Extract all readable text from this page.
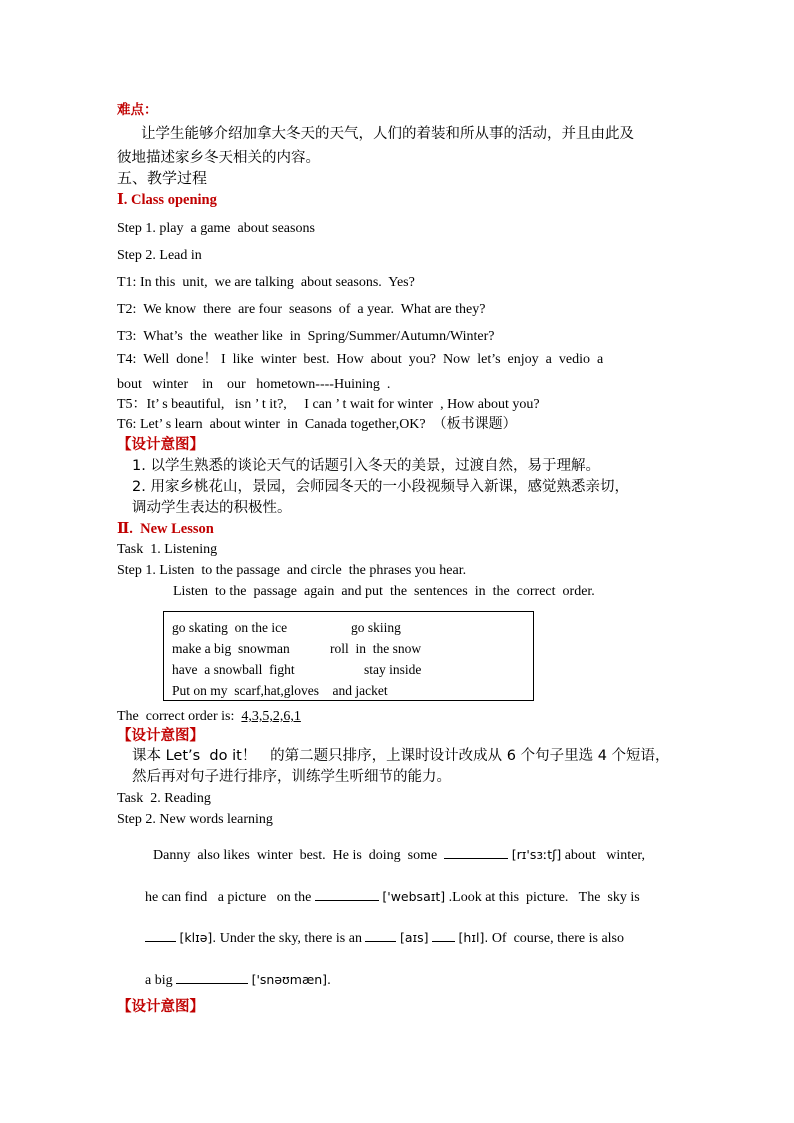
难点：
让学生能够介绍加拿大冬天的天气，人们的着装和所从事的活动，并且由此及
彼地描述家乡冬天相关的内容。
五、教学过程
Ⅰ. Class opening
Step 1. play  a game  about seasons
Step 2. Lead in
T1: In this  unit,  we are talking  about seasons.  Yes?
T2:  We know  there  are four  seasons  of  a year.  What are they?
T3:  What’s  the  weather like  in  Spring/Summer/Autumn/Winter?
T4:  Well  done！ I  like  winter  best.  How  about  you?  Now  let’s  enjoy  a  vedio  a
bout   winter    in    our   hometown----Huining  .
T5：It’ s beautiful,   isn ’ t it?,     I can ’ t wait for winter  , How about you?
T6: Let’ s learn  about winter  in  Canada together,OK?  （板书课题）
【设计意图】
1. 以学生熟悉的谈论天气的话题引入冬天的美景，过渡自然，易于理解。
2. 用家乡桃花山，景园，会师园冬天的一小段视频导入新课，感觉熟悉亲切，
调动学生表达的积极性。
Ⅱ.  New Lesson
Task  1. Listening
Step 1. Listen  to the passage  and circle  the phrases you hear.
Listen  to the  passage  again  and put  the  sentences  in  the  correct  order.
go skating  on the ice	go skiing
make a big  snowman	roll  in  the snow
have  a snowball  fight	stay inside
Put on my  scarf,hat,gloves    and jacket
The  correct order is:  4,3,5,2,6,1
【设计意图】
课本 Let’s  do it！   的第二题只排序，上课时设计改成从 6 个句子里选 4 个短语，
然后再对句子进行排序，训练学生听细节的能力。
Task  2. Reading
Step 2. New words learning
Danny  also likes  winter  best.  He is  doing  some	[rɪ'sɜːtʃ] about   winter,
he can find   a picture   on the	['websaɪt] .Look at this  picture.   The  sky is
[klɪə]. Under the sky, there is an	[aɪs] [hɪl]. Of  course, there is also
a big	['snəʊmæn].
【设计意图】
